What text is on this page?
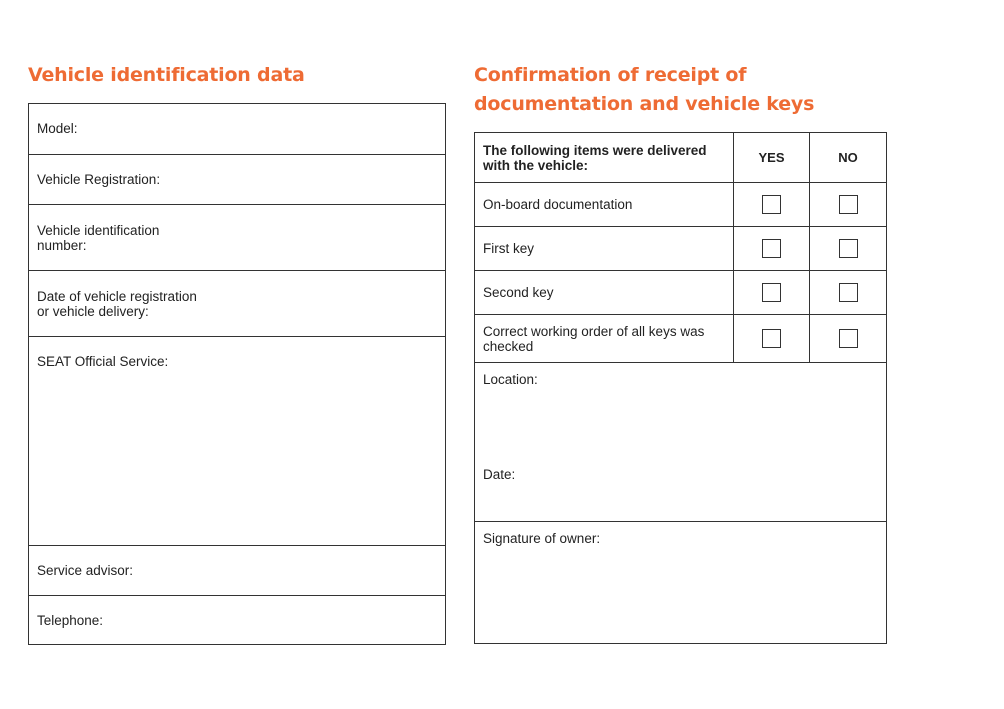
Vehicle identification data
Model:
Vehicle Registration:
Vehicle identification
number:
Date of vehicle registration
or vehicle delivery:
SEAT Official Service:
Service advisor:
Telephone:
Confirmation of receipt of documentation and vehicle keys
The following items were delivered with the vehicle:	YES	NO
On-board documentation
First key
Second key
Correct working order of all keys was checked
Location:
Date:
Signature of owner:
